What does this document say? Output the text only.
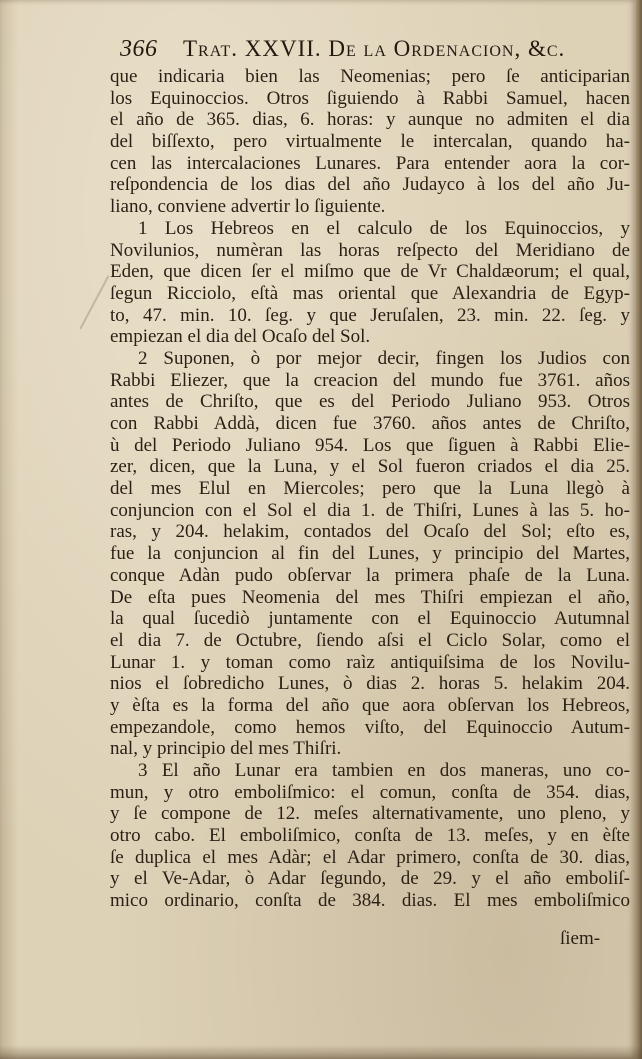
366 Trat. XXVII. De la Ordenacion, &c.
que indicaria bien las Neomenias; pero ſe anticiparian
los Equinoccios. Otros ſiguiendo à Rabbi Samuel, hacen
el año de 365. dias, 6. horas: y aunque no admiten el dia
del biſſexto, pero virtualmente le intercalan, quando ha-
cen las intercalaciones Lunares. Para entender aora la cor-
reſpondencia de los dias del año Judayco à los del año Ju-
liano, conviene advertir lo ſiguiente.
1 Los Hebreos en el calculo de los Equinoccios, y
Novilunios, numèran las horas reſpecto del Meridiano de
Eden, que dicen ſer el miſmo que de Vr Chaldæorum; el qual,
ſegun Ricciolo, eſtà mas oriental que Alexandria de Egyp-
to, 47. min. 10. ſeg. y que Jeruſalen, 23. min. 22. ſeg. y
empiezan el dia del Ocaſo del Sol.
2 Suponen, ò por mejor decir, fingen los Judios con
Rabbi Eliezer, que la creacion del mundo fue 3761. años
antes de Chriſto, que es del Periodo Juliano 953. Otros
con Rabbi Addà, dicen fue 3760. años antes de Chriſto,
ù del Periodo Juliano 954. Los que ſiguen à Rabbi Elie-
zer, dicen, que la Luna, y el Sol fueron criados el dia 25.
del mes Elul en Miercoles; pero que la Luna llegò à
conjuncion con el Sol el dia 1. de Thiſri, Lunes à las 5. ho-
ras, y 204. helakim, contados del Ocaſo del Sol; eſto es,
fue la conjuncion al fin del Lunes, y principio del Martes,
conque Adàn pudo obſervar la primera phaſe de la Luna.
De eſta pues Neomenia del mes Thiſri empiezan el año,
la qual ſucediò juntamente con el Equinoccio Autumnal
el dia 7. de Octubre, ſiendo aſsi el Ciclo Solar, como el
Lunar 1. y toman como raìz antiquiſsima de los Novilu-
nios el ſobredicho Lunes, ò dias 2. horas 5. helakim 204.
y èſta es la forma del año que aora obſervan los Hebreos,
empezandole, como hemos viſto, del Equinoccio Autum-
nal, y principio del mes Thiſri.
3 El año Lunar era tambien en dos maneras, uno co-
mun, y otro emboliſmico: el comun, conſta de 354. dias,
y ſe compone de 12. meſes alternativamente, uno pleno, y
otro cabo. El emboliſmico, conſta de 13. meſes, y en èſte
ſe duplica el mes Adàr; el Adar primero, conſta de 30. dias,
y el Ve-Adar, ò Adar ſegundo, de 29. y el año emboliſ-
mico ordinario, conſta de 384. dias. El mes emboliſmico
ſiem-
